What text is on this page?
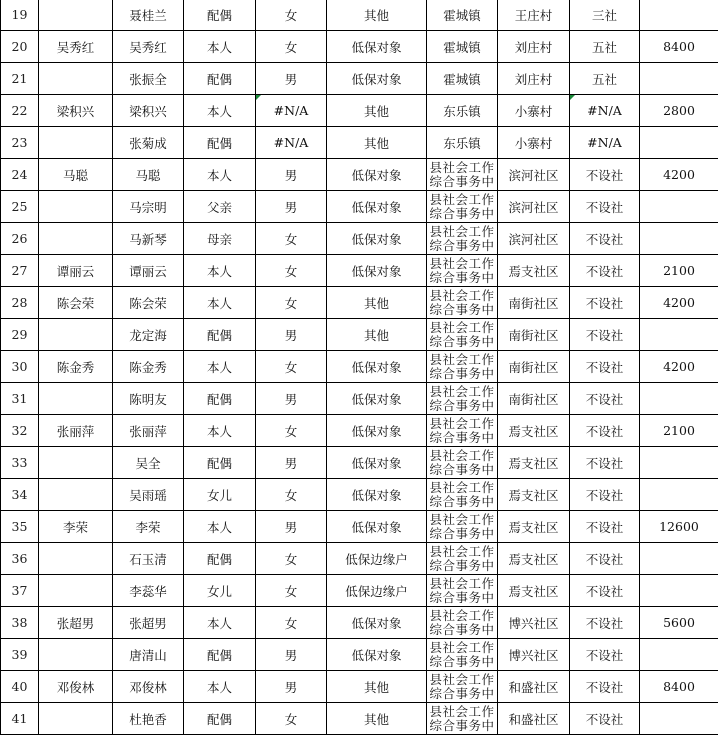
19		聂桂兰	配偶	女	其他	霍城镇	王庄村	三社	
20	吴秀红	吴秀红	本人	女	低保对象	霍城镇	刘庄村	五社	8400
21		张振全	配偶	男	低保对象	霍城镇	刘庄村	五社	
22	梁积兴	梁积兴	本人	#N/A	其他	东乐镇	小寨村	#N/A	2800
23		张菊成	配偶	#N/A	其他	东乐镇	小寨村	#N/A	
24	马聪	马聪	本人	男	低保对象	县社会工作综合事务中	滨河社区	不设社	4200
25		马宗明	父亲	男	低保对象	县社会工作综合事务中	滨河社区	不设社	
26		马新琴	母亲	女	低保对象	县社会工作综合事务中	滨河社区	不设社	
27	谭丽云	谭丽云	本人	女	低保对象	县社会工作综合事务中	焉支社区	不设社	2100
28	陈会荣	陈会荣	本人	女	其他	县社会工作综合事务中	南街社区	不设社	4200
29		龙定海	配偶	男	其他	县社会工作综合事务中	南街社区	不设社	
30	陈金秀	陈金秀	本人	女	低保对象	县社会工作综合事务中	南街社区	不设社	4200
31		陈明友	配偶	男	低保对象	县社会工作综合事务中	南街社区	不设社	
32	张丽萍	张丽萍	本人	女	低保对象	县社会工作综合事务中	焉支社区	不设社	2100
33		吴全	配偶	男	低保对象	县社会工作综合事务中	焉支社区	不设社	
34		吴雨瑶	女儿	女	低保对象	县社会工作综合事务中	焉支社区	不设社	
35	李荣	李荣	本人	男	低保对象	县社会工作综合事务中	焉支社区	不设社	12600
36		石玉清	配偶	女	低保边缘户	县社会工作综合事务中	焉支社区	不设社	
37		李蕊华	女儿	女	低保边缘户	县社会工作综合事务中	焉支社区	不设社	
38	张超男	张超男	本人	女	低保对象	县社会工作综合事务中	博兴社区	不设社	5600
39		唐清山	配偶	男	低保对象	县社会工作综合事务中	博兴社区	不设社	
40	邓俊林	邓俊林	本人	男	其他	县社会工作综合事务中	和盛社区	不设社	8400
41		杜艳香	配偶	女	其他	县社会工作综合事务中	和盛社区	不设社	
